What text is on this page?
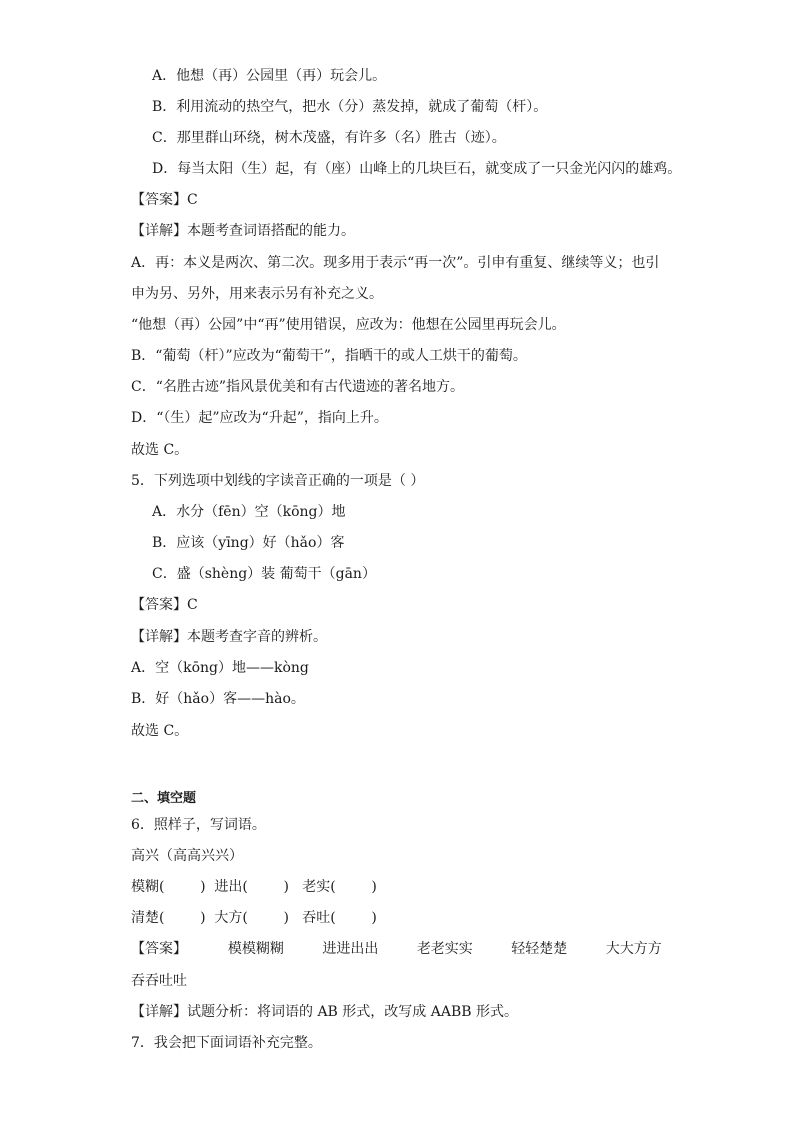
A．他想（再）公园里（再）玩会儿。
B．利用流动的热空气，把水（分）蒸发掉，就成了葡萄（杆）。
C．那里群山环绕，树木茂盛，有许多（名）胜古（迹）。
D．每当太阳（生）起，有（座）山峰上的几块巨石，就变成了一只金光闪闪的雄鸡。
【答案】C
【详解】本题考查词语搭配的能力。
A．再：本义是两次、第二次。现多用于表示“再一次”。引申有重复、继续等义；也引
申为另、另外，用来表示另有补充之义。
“他想（再）公园”中“再”使用错误，应改为：他想在公园里再玩会儿。
B．“葡萄（杆）”应改为“葡萄干”，指晒干的或人工烘干的葡萄。
C．“名胜古迹”指风景优美和有古代遗迹的著名地方。
D．“（生）起”应改为“升起”，指向上升。
故选 C。
5．下列选项中划线的字读音正确的一项是（ ）
A．水分（fēn）空（kōng）地
B．应该（yīng）好（hǎo）客
C．盛（shèng）装 葡萄干（gān）
【答案】C
【详解】本题考查字音的辨析。
A．空（kōng）地——kòng
B．好（hǎo）客——hào。
故选 C。
二、填空题
6．照样子，写词语。
高兴（高高兴兴）
模糊(        )  进出(        )   老实(        )
清楚(        )  大方(        )   吞吐(        )
【答案】	模模糊糊	进进出出	老老实实	轻轻楚楚	大大方方
吞吞吐吐
【详解】试题分析：将词语的 AB 形式，改写成 AABB 形式。
7．我会把下面词语补充完整。
